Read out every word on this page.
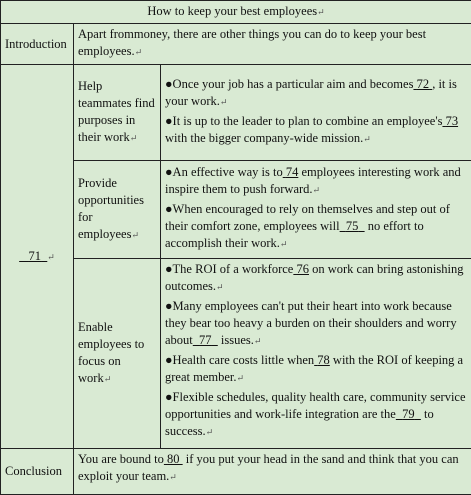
How to keep your best employees↵		
Introduction	Apart frommoney, there are other things you can do to keep your best employees.↵	
71 ↵	Help teammates find purposes in their work↵	●Once your job has a particular aim and becomes 72 , it is your work.↵

●It is up to the leader to plan to combine an employee's 73 with the bigger company-wide mission.↵

	Provide opportunities for employees↵	●An effective way is to 74 employees interesting work and inspire them to push forward.↵

●When encouraged to rely on themselves and step out of their comfort zone, employees will 75   no effort to accomplish their work.↵

	Enable employees to focus on work↵	●The ROI of a workforce 76 on work can bring astonishing outcomes.↵

●Many employees can't put their heart into work because they bear too heavy a burden on their shoulders and worry about 77   issues.↵

●Health care costs little when 78 with the ROI of keeping a great member.↵

●Flexible schedules, quality health care, community service opportunities and work-life integration are the 79   to success.↵

Conclusion	You are bound to 80  if you put your head in the sand and think that you can exploit your team.↵	
